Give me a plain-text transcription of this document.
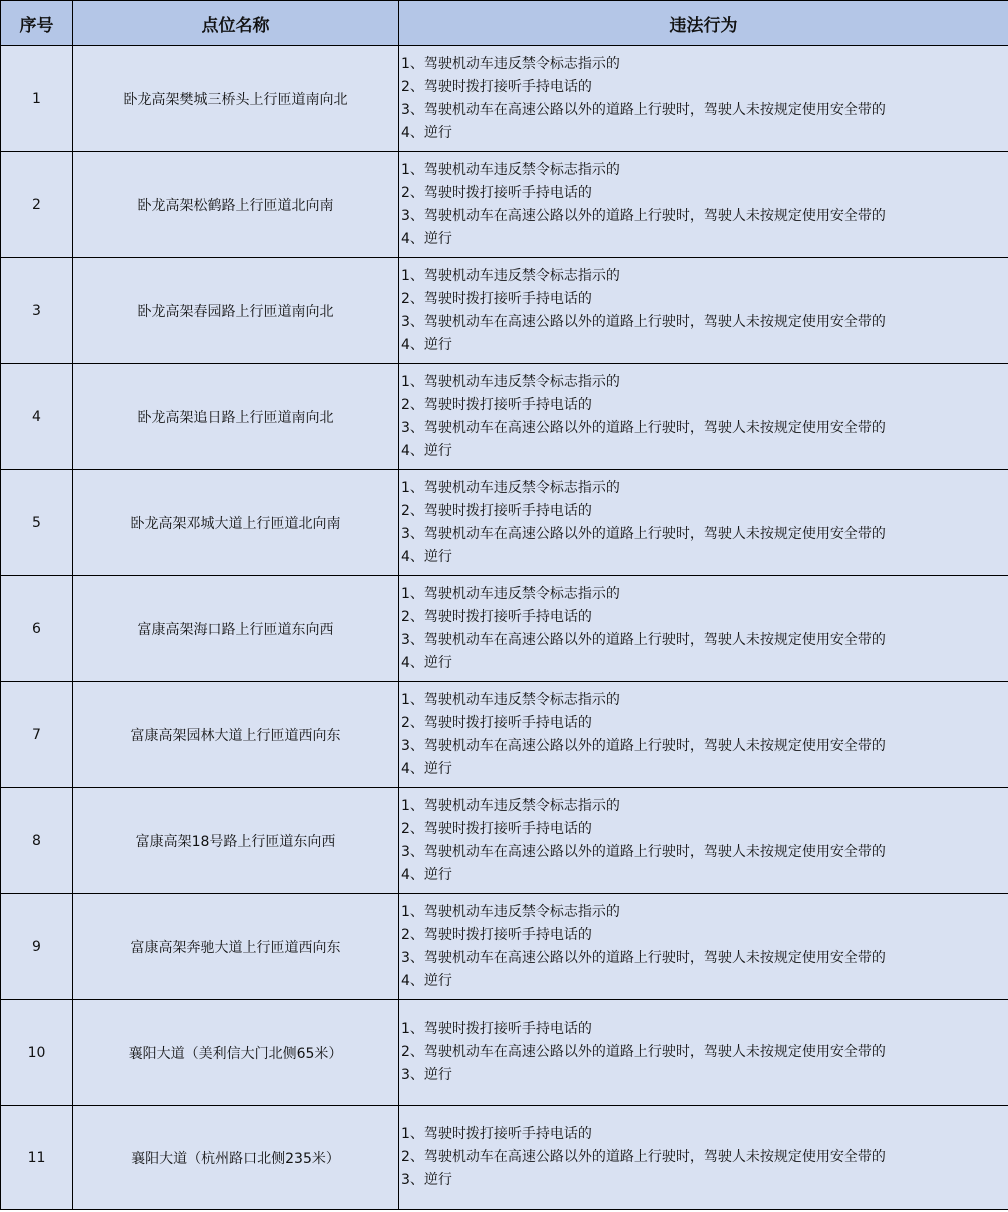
序号	点位名称	违法行为
1	卧龙高架樊城三桥头上行匝道南向北	1、驾驶机动车违反禁令标志指示的
2、驾驶时拨打接听手持电话的
3、驾驶机动车在高速公路以外的道路上行驶时，驾驶人未按规定使用安全带的
4、逆行

2	卧龙高架松鹤路上行匝道北向南	1、驾驶机动车违反禁令标志指示的
2、驾驶时拨打接听手持电话的
3、驾驶机动车在高速公路以外的道路上行驶时，驾驶人未按规定使用安全带的
4、逆行

3	卧龙高架春园路上行匝道南向北	1、驾驶机动车违反禁令标志指示的
2、驾驶时拨打接听手持电话的
3、驾驶机动车在高速公路以外的道路上行驶时，驾驶人未按规定使用安全带的
4、逆行

4	卧龙高架追日路上行匝道南向北	1、驾驶机动车违反禁令标志指示的
2、驾驶时拨打接听手持电话的
3、驾驶机动车在高速公路以外的道路上行驶时，驾驶人未按规定使用安全带的
4、逆行

5	卧龙高架邓城大道上行匝道北向南	1、驾驶机动车违反禁令标志指示的
2、驾驶时拨打接听手持电话的
3、驾驶机动车在高速公路以外的道路上行驶时，驾驶人未按规定使用安全带的
4、逆行

6	富康高架海口路上行匝道东向西	1、驾驶机动车违反禁令标志指示的
2、驾驶时拨打接听手持电话的
3、驾驶机动车在高速公路以外的道路上行驶时，驾驶人未按规定使用安全带的
4、逆行

7	富康高架园林大道上行匝道西向东	1、驾驶机动车违反禁令标志指示的
2、驾驶时拨打接听手持电话的
3、驾驶机动车在高速公路以外的道路上行驶时，驾驶人未按规定使用安全带的
4、逆行

8	富康高架18号路上行匝道东向西	1、驾驶机动车违反禁令标志指示的
2、驾驶时拨打接听手持电话的
3、驾驶机动车在高速公路以外的道路上行驶时，驾驶人未按规定使用安全带的
4、逆行

9	富康高架奔驰大道上行匝道西向东	1、驾驶机动车违反禁令标志指示的
2、驾驶时拨打接听手持电话的
3、驾驶机动车在高速公路以外的道路上行驶时，驾驶人未按规定使用安全带的
4、逆行

10	襄阳大道（美利信大门北侧65米）	1、驾驶时拨打接听手持电话的
2、驾驶机动车在高速公路以外的道路上行驶时，驾驶人未按规定使用安全带的
3、逆行

11	襄阳大道（杭州路口北侧235米）	1、驾驶时拨打接听手持电话的
2、驾驶机动车在高速公路以外的道路上行驶时，驾驶人未按规定使用安全带的
3、逆行
